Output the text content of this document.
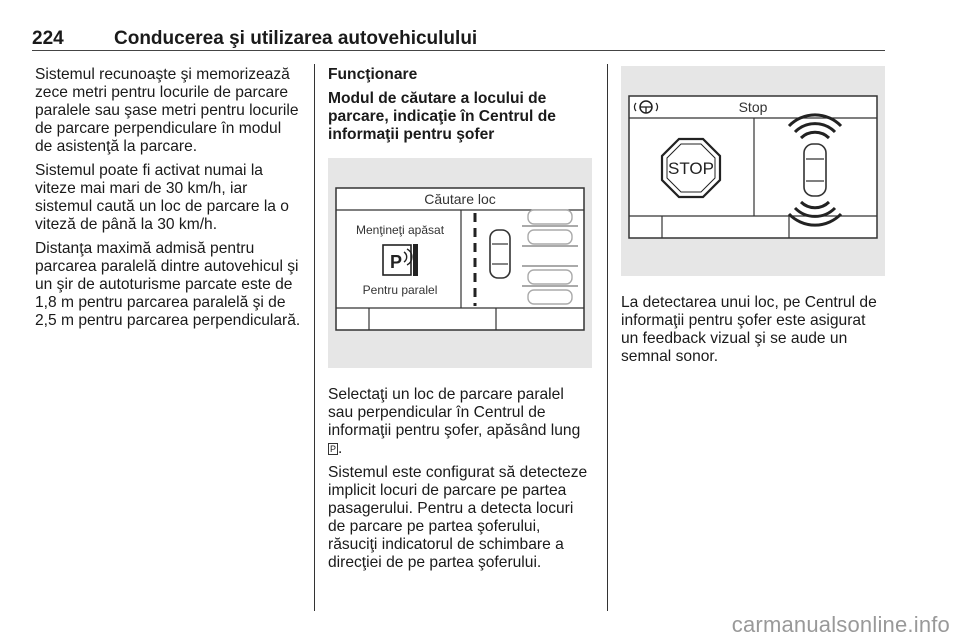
224	Conducerea şi utilizarea autovehiculului

Sistemul recunoaşte şi memorizează zece metri pentru locurile de parcare paralele sau şase metri pentru locurile de parcare perpendiculare în modul de asistenţă la parcare.

Sistemul poate fi activat numai la viteze mai mari de 30 km/h, iar sistemul caută un loc de parcare la o viteză de până la 30 km/h.

Distanţa maximă admisă pentru parcarea paralelă dintre autovehicul şi un şir de autoturisme parcate este de 1,8 m pentru parcarea paralelă şi de 2,5 m pentru parcarea perpendiculară.

Funcţionare

Modul de căutare a locului de parcare, indicaţie în Centrul de informaţii pentru şofer

Căutare loc
Menţineţi apăsat
P
Pentru paralel

Selectaţi un loc de parcare paralel sau perpendicular în Centrul de informaţii pentru şofer, apăsând lung P .

Sistemul este configurat să detecteze implicit locuri de parcare pe partea pasagerului. Pentru a detecta locuri de parcare pe partea şoferului, răsuciţi indicatorul de schimbare a direcţiei de pe partea şoferului.

Stop
STOP

La detectarea unui loc, pe Centrul de informaţii pentru şofer este asigurat un feedback vizual şi se aude un semnal sonor.

carmanualsonline.info
